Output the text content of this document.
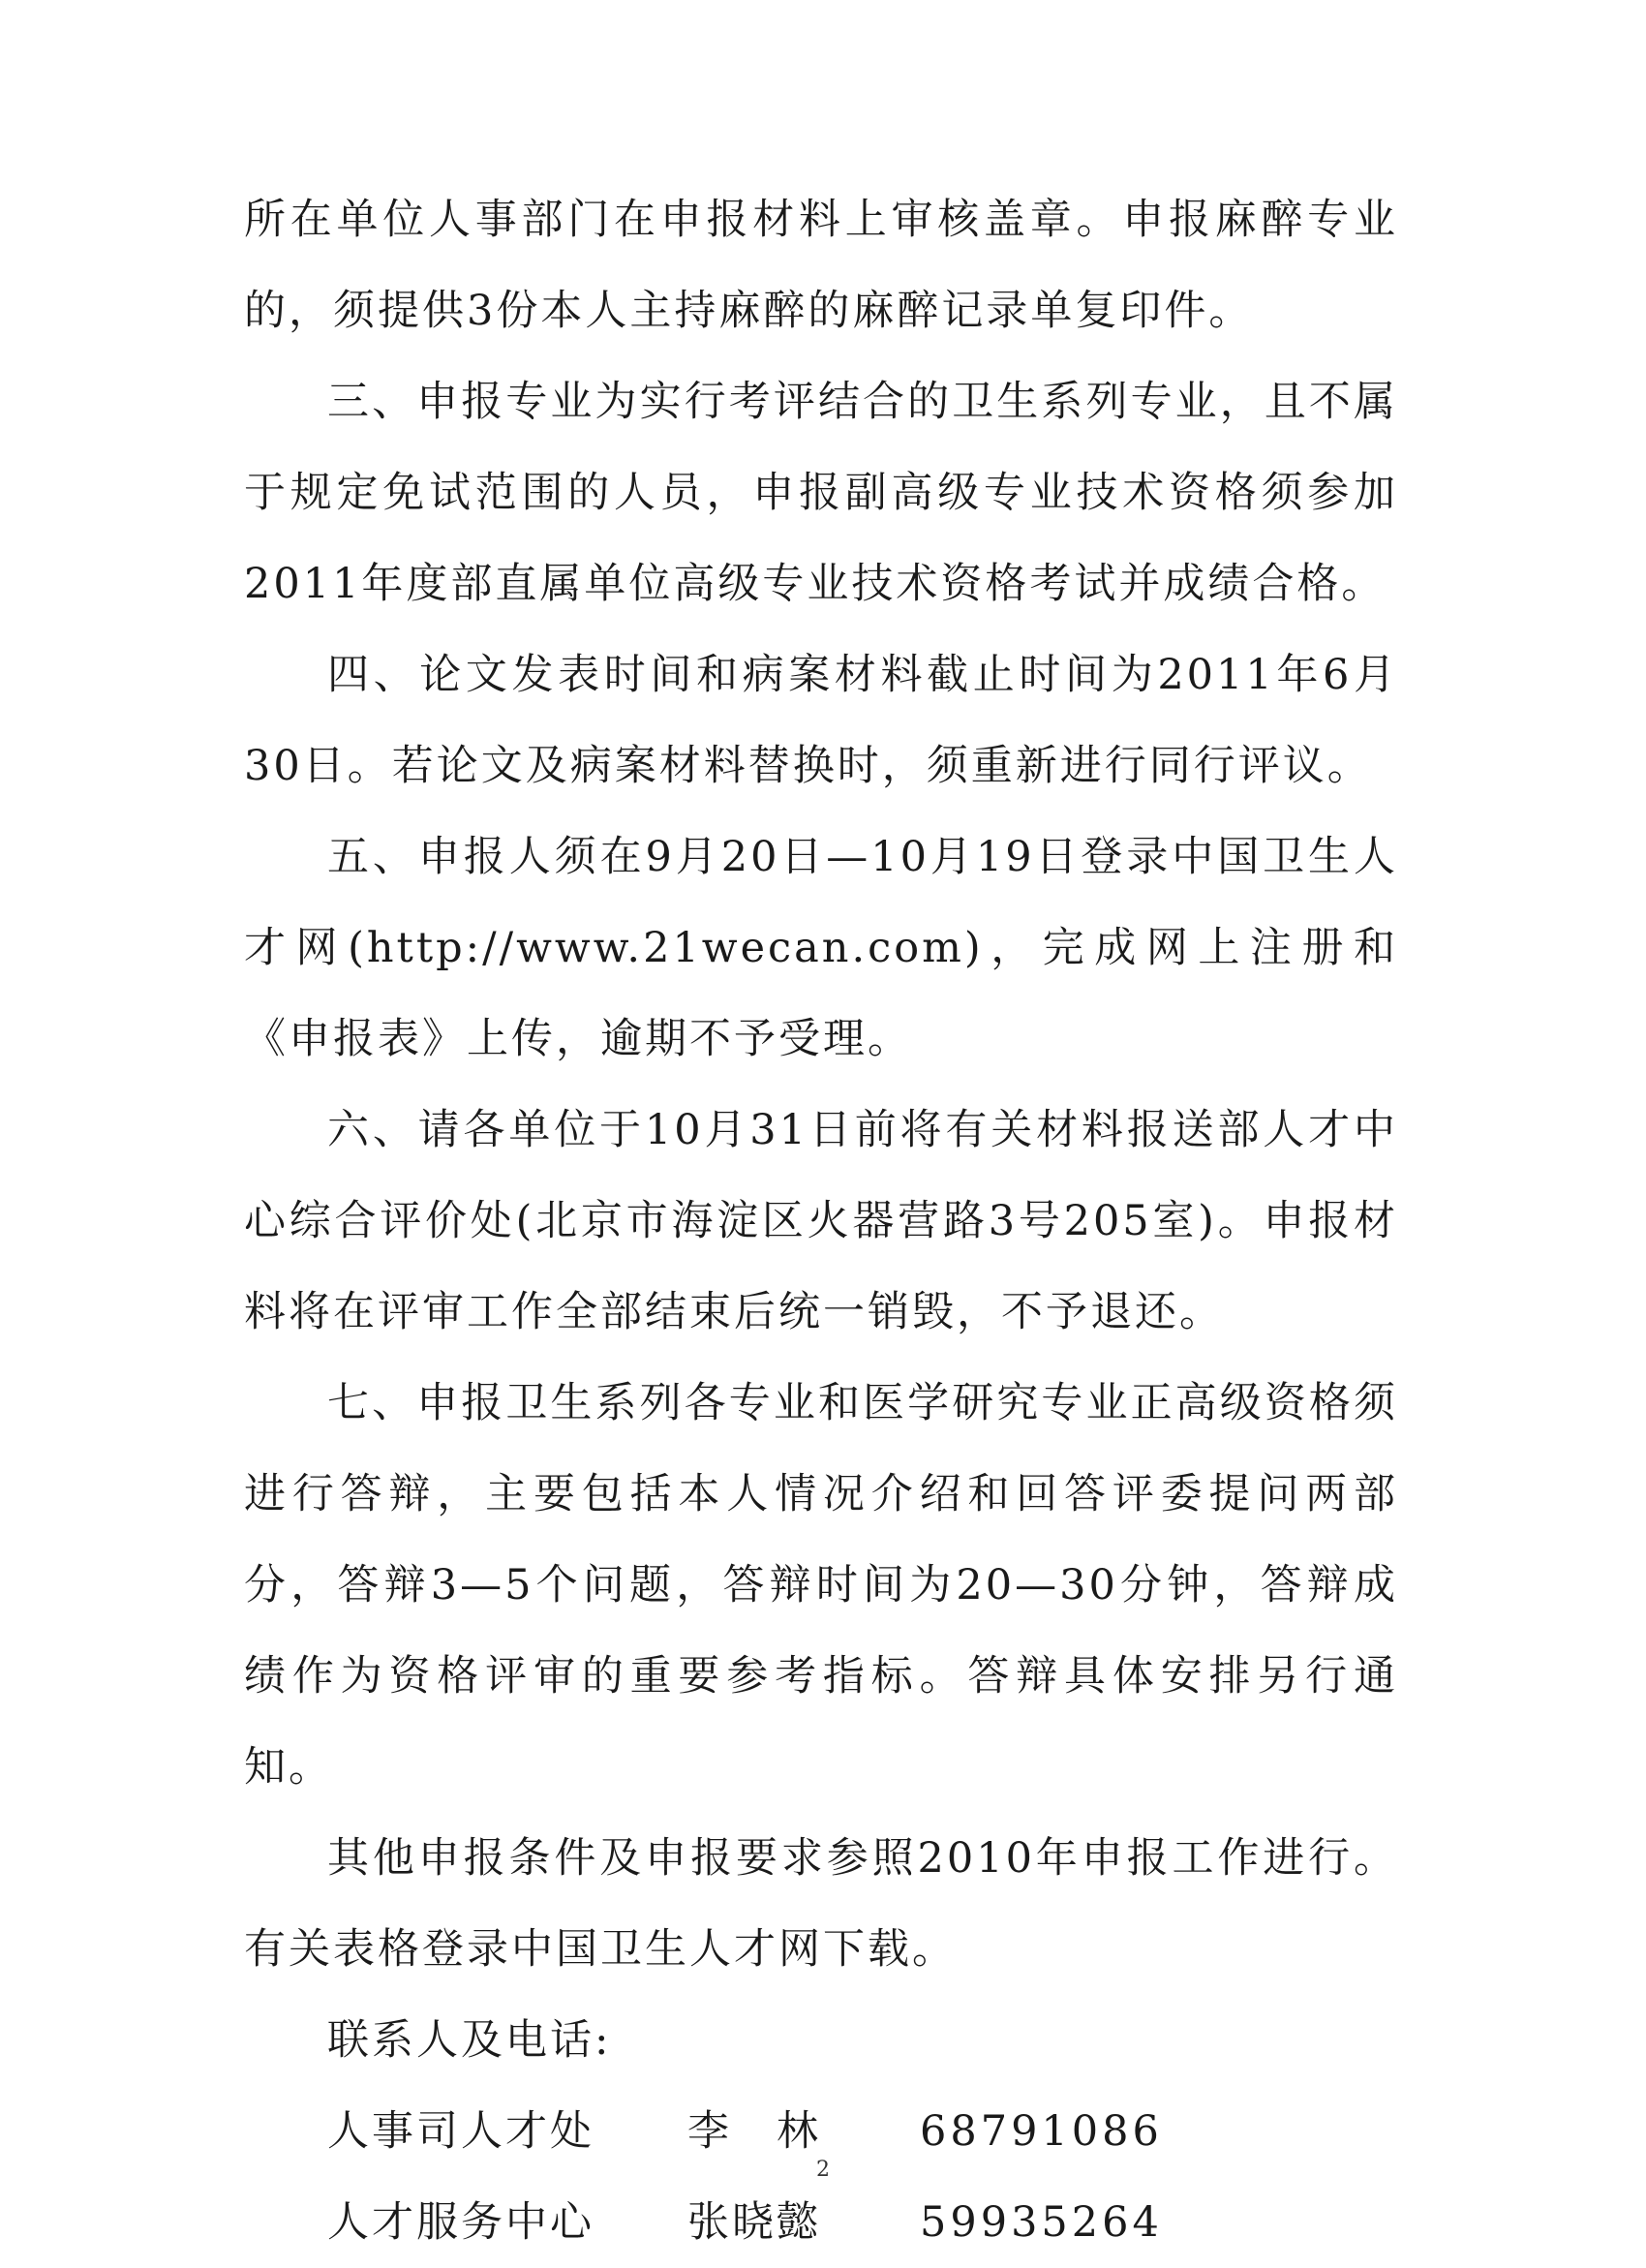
所在单位人事部门在申报材料上审核盖章。申报麻醉专业的，须提供3份本人主持麻醉的麻醉记录单复印件。

三、申报专业为实行考评结合的卫生系列专业，且不属于规定免试范围的人员，申报副高级专业技术资格须参加2011年度部直属单位高级专业技术资格考试并成绩合格。

四、论文发表时间和病案材料截止时间为2011年6月30日。若论文及病案材料替换时，须重新进行同行评议。

五、申报人须在9月20日—10月19日登录中国卫生人才网(http://www.21wecan.com)，完成网上注册和《申报表》上传，逾期不予受理。

六、请各单位于10月31日前将有关材料报送部人才中心综合评价处(北京市海淀区火器营路3号205室)。申报材料将在评审工作全部结束后统一销毁，不予退还。

七、申报卫生系列各专业和医学研究专业正高级资格须进行答辩，主要包括本人情况介绍和回答评委提问两部分，答辩3—5个问题，答辩时间为20—30分钟，答辩成绩作为资格评审的重要参考指标。答辩具体安排另行通知。

其他申报条件及申报要求参照2010年申报工作进行。有关表格登录中国卫生人才网下载。

联系人及电话:

人事司人才处	李　林	68791086
人才服务中心	张晓懿	59935264
2
